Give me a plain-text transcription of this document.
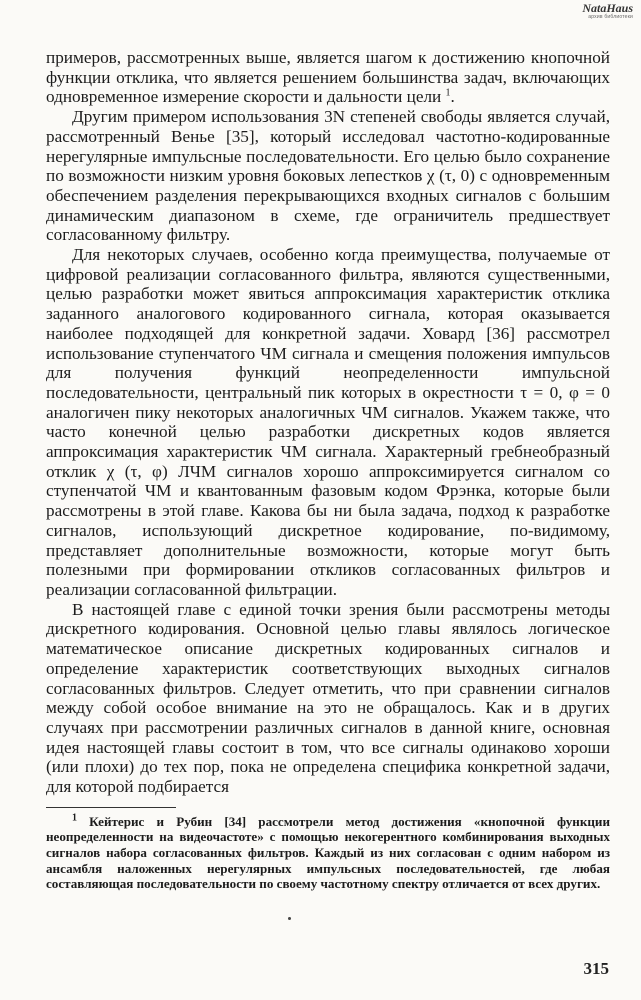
NataHaus
архив библиотеки

примеров, рассмотренных выше, является шагом к достижению кнопочной функции отклика, что является решением большинства задач, включающих одновременное измерение скорости и дальности цели $^1$.

Другим примером использования 3N степеней свободы является случай, рассмотренный Венье [35], который исследовал частотно-кодированные нерегулярные импульсные последовательности. Его целью было сохранение по возможности низким уровня боковых лепестков χ (τ, 0) с одновременным обеспечением разделения перекрывающихся входных сигналов с большим динамическим диапазоном в схеме, где ограничитель предшествует согласованному фильтру.

Для некоторых случаев, особенно когда преимущества, получаемые от цифровой реализации согласованного фильтра, являются существенными, целью разработки может явиться аппроксимация характеристик отклика заданного аналогового кодированного сигнала, которая оказывается наиболее подходящей для конкретной задачи. Ховард [36] рассмотрел использование ступенчатого ЧМ сигнала и смещения положения импульсов для получения функций неопределенности импульсной последовательности, центральный пик которых в окрестности τ = 0, φ = 0 аналогичен пику некоторых аналогичных ЧМ сигналов. Укажем также, что часто конечной целью разработки дискретных кодов является аппроксимация характеристик ЧМ сигнала. Характерный гребнеобразный отклик χ (τ, φ) ЛЧМ сигналов хорошо аппроксимируется сигналом со ступенчатой ЧМ и квантованным фазовым кодом Фрэнка, которые были рассмотрены в этой главе. Какова бы ни была задача, подход к разработке сигналов, использующий дискретное кодирование, по-видимому, представляет дополнительные возможности, которые могут быть полезными при формировании откликов согласованных фильтров и реализации согласованной фильтрации.

В настоящей главе с единой точки зрения были рассмотрены методы дискретного кодирования. Основной целью главы являлось логическое математическое описание дискретных кодированных сигналов и определение характеристик соответствующих выходных сигналов согласованных фильтров. Следует отметить, что при сравнении сигналов между собой особое внимание на это не обращалось. Как и в других случаях при рассмотрении различных сигналов в данной книге, основная идея настоящей главы состоит в том, что все сигналы одинаково хороши (или плохи) до тех пор, пока не определена специфика конкретной задачи, для которой подбирается

$^1$ Кейтерис и Рубин [34] рассмотрели метод достижения «кнопочной функции неопределенности на видеочастоте» с помощью некогерентного комбинирования выходных сигналов набора согласованных фильтров. Каждый из них согласован с одним набором из ансамбля наложенных нерегулярных импульсных последовательностей, где любая составляющая последовательности по своему частотному спектру отличается от всех других.

315
